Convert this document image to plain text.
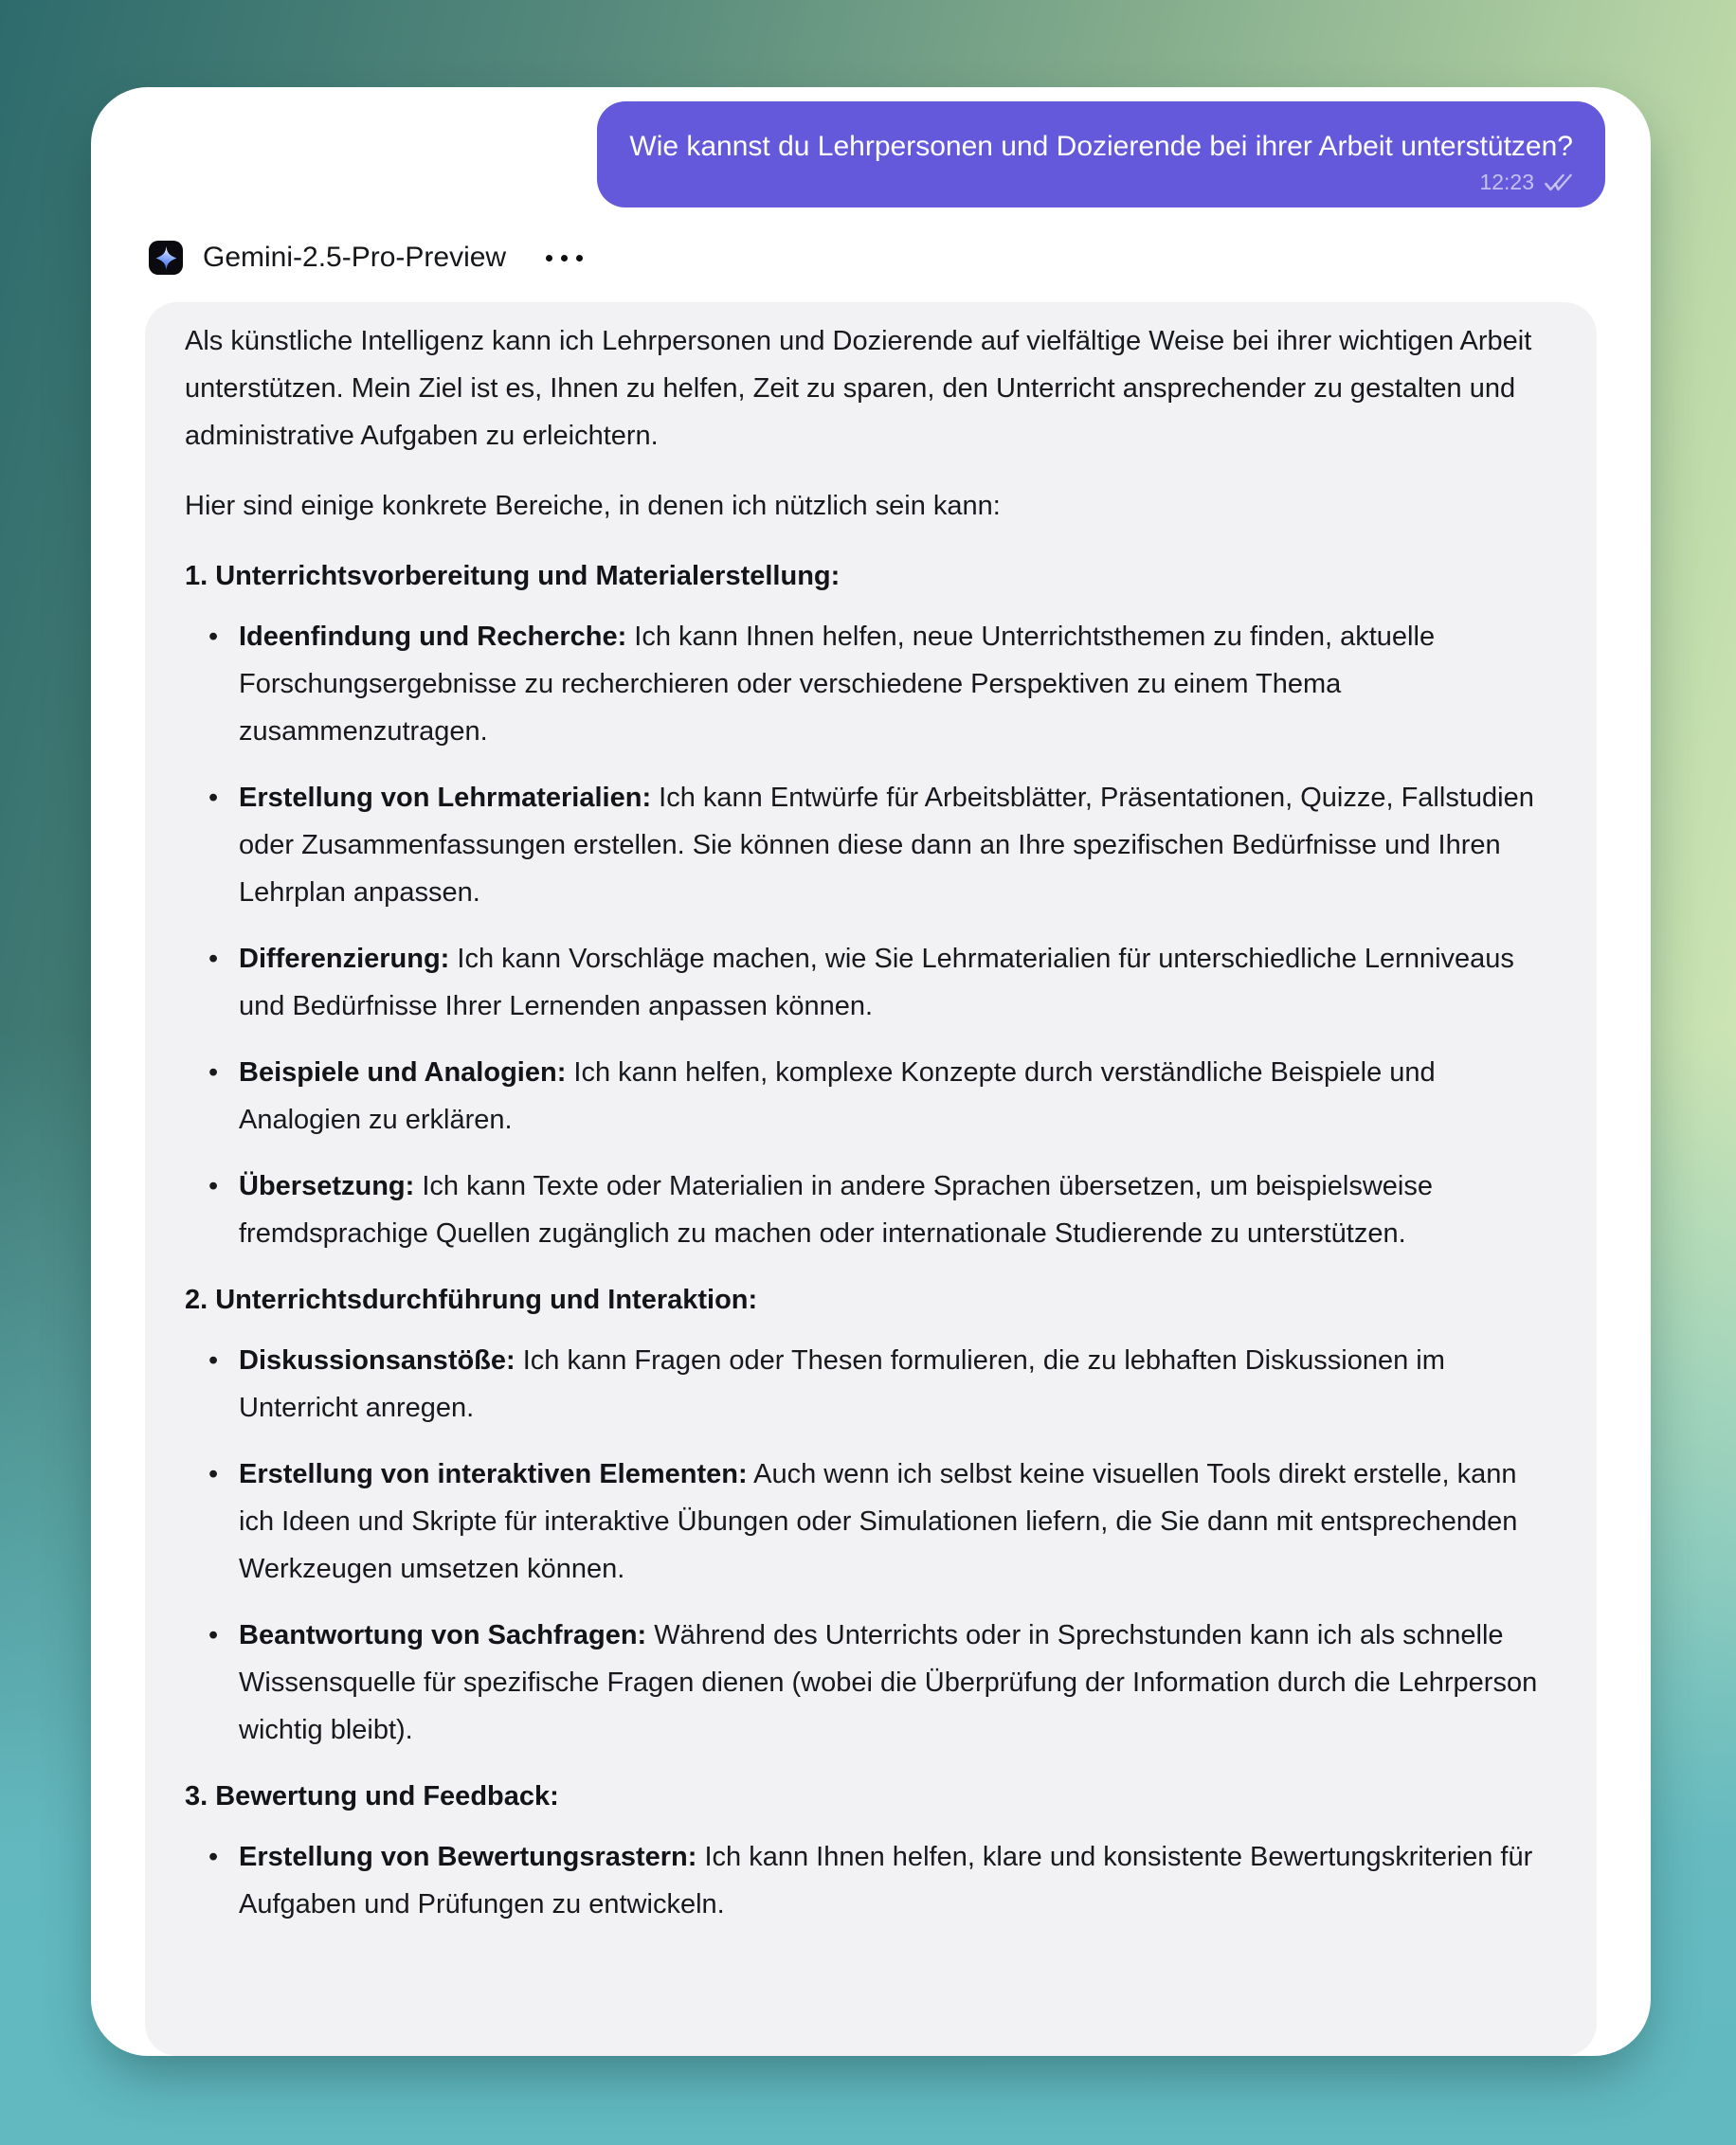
Wie kannst du Lehrpersonen und Dozierende bei ihrer Arbeit unterstützen?
12:23
Gemini-2.5-Pro-Preview

Als künstliche Intelligenz kann ich Lehrpersonen und Dozierende auf vielfältige Weise bei ihrer wichtigen Arbeit unterstützen. Mein Ziel ist es, Ihnen zu helfen, Zeit zu sparen, den Unterricht ansprechender zu gestalten und administrative Aufgaben zu erleichtern.

Hier sind einige konkrete Bereiche, in denen ich nützlich sein kann:

1. Unterrichtsvorbereitung und Materialerstellung:
• Ideenfindung und Recherche: Ich kann Ihnen helfen, neue Unterrichtsthemen zu finden, aktuelle Forschungsergebnisse zu recherchieren oder verschiedene Perspektiven zu einem Thema zusammenzutragen.
• Erstellung von Lehrmaterialien: Ich kann Entwürfe für Arbeitsblätter, Präsentationen, Quizze, Fallstudien oder Zusammenfassungen erstellen. Sie können diese dann an Ihre spezifischen Bedürfnisse und Ihren Lehrplan anpassen.
• Differenzierung: Ich kann Vorschläge machen, wie Sie Lehrmaterialien für unterschiedliche Lernniveaus und Bedürfnisse Ihrer Lernenden anpassen können.
• Beispiele und Analogien: Ich kann helfen, komplexe Konzepte durch verständliche Beispiele und Analogien zu erklären.
• Übersetzung: Ich kann Texte oder Materialien in andere Sprachen übersetzen, um beispielsweise fremdsprachige Quellen zugänglich zu machen oder internationale Studierende zu unterstützen.
2. Unterrichtsdurchführung und Interaktion:
• Diskussionsanstöße: Ich kann Fragen oder Thesen formulieren, die zu lebhaften Diskussionen im Unterricht anregen.
• Erstellung von interaktiven Elementen: Auch wenn ich selbst keine visuellen Tools direkt erstelle, kann ich Ideen und Skripte für interaktive Übungen oder Simulationen liefern, die Sie dann mit entsprechenden Werkzeugen umsetzen können.
• Beantwortung von Sachfragen: Während des Unterrichts oder in Sprechstunden kann ich als schnelle Wissensquelle für spezifische Fragen dienen (wobei die Überprüfung der Information durch die Lehrperson wichtig bleibt).
3. Bewertung und Feedback:
• Erstellung von Bewertungsrastern: Ich kann Ihnen helfen, klare und konsistente Bewertungskriterien für Aufgaben und Prüfungen zu entwickeln.
